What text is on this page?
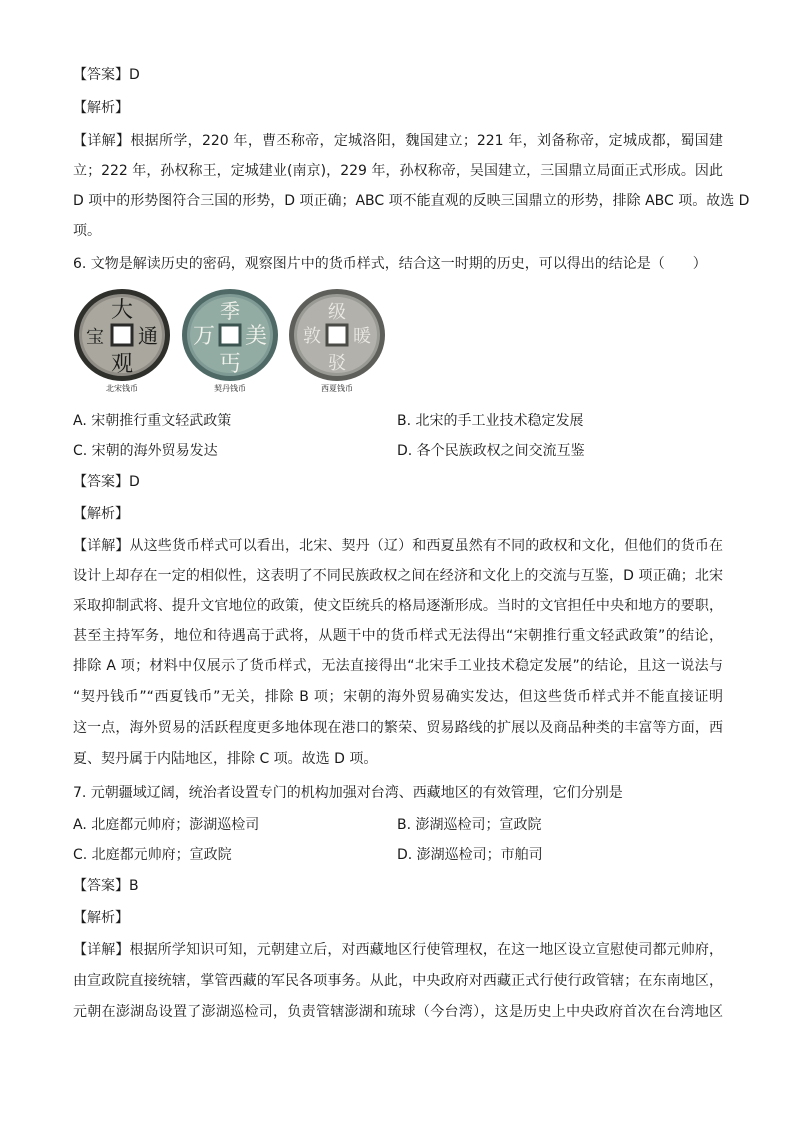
【答案】D
【解析】
【详解】根据所学，220 年，曹丕称帝，定城洛阳，魏国建立；221 年，刘备称帝，定城成都，蜀国建
立；222 年，孙权称王，定城建业(南京)，229 年，孙权称帝，吴国建立，三国鼎立局面正式形成。因此
D 项中的形势图符合三国的形势，D 项正确；ABC 项不能直观的反映三国鼎立的形势，排除 ABC 项。故选 D
项。
6. 文物是解读历史的密码，观察图片中的货币样式，结合这一时期的历史，可以得出的结论是（　　）
大
通
观
宝
北宋钱币
季
美
丐
万
契丹钱币
级
暖
驳
敦
西夏钱币
A. 宋朝推行重文轻武政策	B. 北宋的手工业技术稳定发展
C. 宋朝的海外贸易发达	D. 各个民族政权之间交流互鉴
【答案】D
【解析】
【详解】从这些货币样式可以看出，北宋、契丹（辽）和西夏虽然有不同的政权和文化，但他们的货币在
设计上却存在一定的相似性，这表明了不同民族政权之间在经济和文化上的交流与互鉴，D 项正确；北宋
采取抑制武将、提升文官地位的政策，使文臣统兵的格局逐渐形成。当时的文官担任中央和地方的要职，
甚至主持军务，地位和待遇高于武将，从题干中的货币样式无法得出“宋朝推行重文轻武政策”的结论，
排除 A 项；材料中仅展示了货币样式，无法直接得出“北宋手工业技术稳定发展”的结论，且这一说法与
“契丹钱币”“西夏钱币”无关，排除 B 项；宋朝的海外贸易确实发达，但这些货币样式并不能直接证明
这一点，海外贸易的活跃程度更多地体现在港口的繁荣、贸易路线的扩展以及商品种类的丰富等方面，西
夏、契丹属于内陆地区，排除 C 项。故选 D 项。
7. 元朝疆域辽阔，统治者设置专门的机构加强对台湾、西藏地区的有效管理，它们分别是
A. 北庭都元帅府；澎湖巡检司	B. 澎湖巡检司；宣政院
C. 北庭都元帅府；宣政院	D. 澎湖巡检司；市舶司
【答案】B
【解析】
【详解】根据所学知识可知，元朝建立后，对西藏地区行使管理权，在这一地区设立宣慰使司都元帅府，
由宣政院直接统辖，掌管西藏的军民各项事务。从此，中央政府对西藏正式行使行政管辖；在东南地区，
元朝在澎湖岛设置了澎湖巡检司，负责管辖澎湖和琉球（今台湾），这是历史上中央政府首次在台湾地区
